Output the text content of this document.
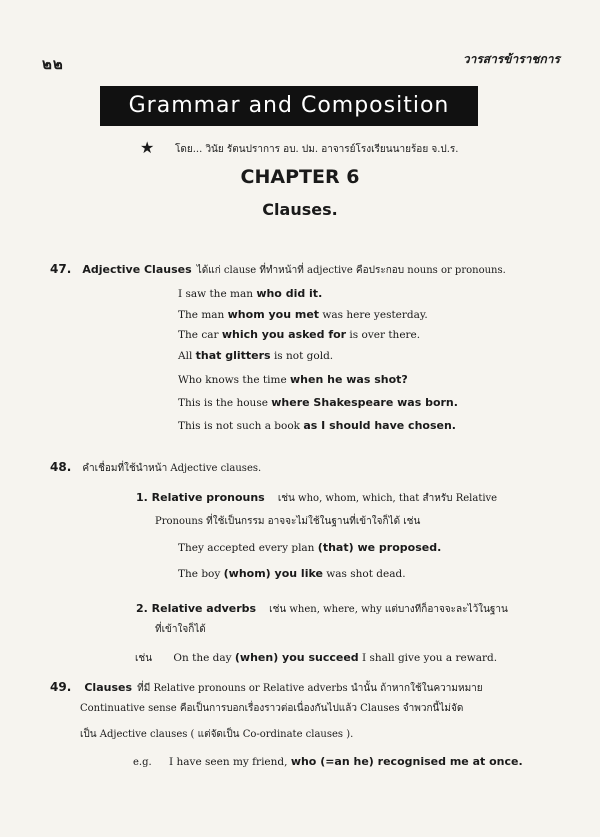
๒๒	วารสารข้าราชการ
Grammar and Composition
★ โดย... วินัย รัตนปราการ อบ. ปม. อาจารย์โรงเรียนนายร้อย จ.ป.ร.
CHAPTER 6
Clauses.
47. Adjective Clauses ได้แก่ clause ที่ทำหน้าที่ adjective คือประกอบ nouns or pronouns.
I saw the man who did it.
The man whom you met was here yesterday.
The car which you asked for is over there.
All that glitters is not gold.
Who knows the time when he was shot?
This is the house where Shakespeare was born.
This is not such a book as I should have chosen.
48. คำเชื่อมที่ใช้นำหน้า Adjective clauses.
1. Relative pronouns เช่น who, whom, which, that สำหรับ Relative
Pronouns ที่ใช้เป็นกรรม อาจจะไม่ใช้ในฐานที่เข้าใจก็ได้ เช่น
They accepted every plan (that) we proposed.
The boy (whom) you like was shot dead.
2. Relative adverbs เช่น when, where, why แต่บางทีก็อาจจะละไว้ในฐาน
ที่เข้าใจก็ได้
เช่น On the day (when) you succeed I shall give you a reward.
49. Clauses ที่มี Relative pronouns or Relative adverbs นำนั้น ถ้าหากใช้ในความหมาย
Continuative sense คือเป็นการบอกเรื่องราวต่อเนื่องกันไปแล้ว Clauses จำพวกนี้ไม่จัด
เป็น Adjective clauses ( แต่จัดเป็น Co-ordinate clauses ).
e.g. I have seen my friend, who (=an he) recognised me at once.
